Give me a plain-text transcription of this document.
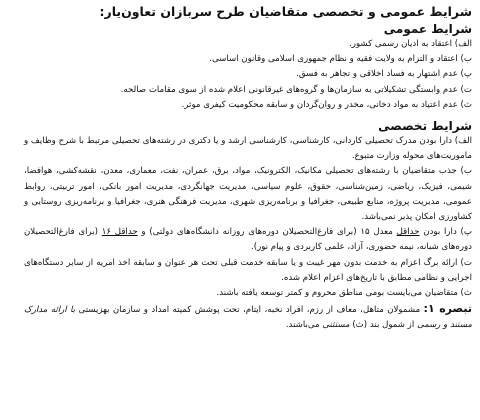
شرایط عمومی و تخصصی متقاضیان طرح سربازان تعاون‌یار:
شرایط عمومی

الف) اعتقاد به ادیان رسمی کشور.

ب) اعتقاد و التزام به ولایت فقیه و نظام جمهوری اسلامی وقانون اساسی.

پ) عدم اشتهار به فساد اخلاقی و تجاهر به فسق.

ت) عدم وابستگی تشکیلاتی به سازمان‌ها و گروه‌های غیرقانونی اعلام شده از سوی مقامات صالحه.

ث) عدم اعتیاد به مواد دخانی، مخدر و روان‌گردان و سابقه محکومیت کیفری موثر.

شرایط تخصصی

الف) دارا بودن مدرک تحصیلی کاردانی، کارشناسی، کارشناسی ارشد و یا دکتری در رشته‌های تحصیلی مرتبط با شرح وظایف و ماموریت‌های محوله وزارت متبوع.

ب) جذب متقاضیان با رشته‌های تحصیلی مکانیک، الکترونیک، مواد، برق، عمران، نفت، معماری، معدن، نقشه‌کشی، هوافضا، شیمی، فیزیک، ریاضی، زمین‌شناسی، حقوق، علوم سیاسی، مدیریت جهانگردی، مدیریت امور بانکی، امور تربیتی، روابط عمومی، مدیریت پروژه، منابع طبیعی، جغرافیا و برنامه‌ریزی شهری، مدیریت فرهنگی هنری، جغرافیا و برنامه‌ریزی روستایی و کشاورزی امکان پذیر نمی‌باشد.

پ) دارا بودن حداقل معدل ۱۵ (برای فارغ‌التحصیلان دوره‌های روزانه دانشگاه‌های دولتی) و حداقل ۱۶ (برای فارغ‌التحصیلان دوره‌های شبانه، نیمه حضوری، آزاد، علمی کاربردی و پیام نور).

ت) ارائه برگ اعزام به خدمت بدون مهر غیبت و یا سابقه خدمت قبلی تحت هر عنوان و سابقه اخذ امریه از سایر دستگاه‌های اجرایی و نظامی مطابق با تاریخ‌های اعزام اعلام شده.

ث) متقاضیان می‌بایست بومی مناطق محروم و کمتر توسعه یافته باشند.

تبصره ۱: مشمولان متاهل، معاف از رزم، افراد نخبه، ایتام، تحت پوشش کمیته امداد و سازمان بهزیستی با ارائه مدارک مستند و رسمی از شمول بند (ث) مستثنی می‌باشند.
